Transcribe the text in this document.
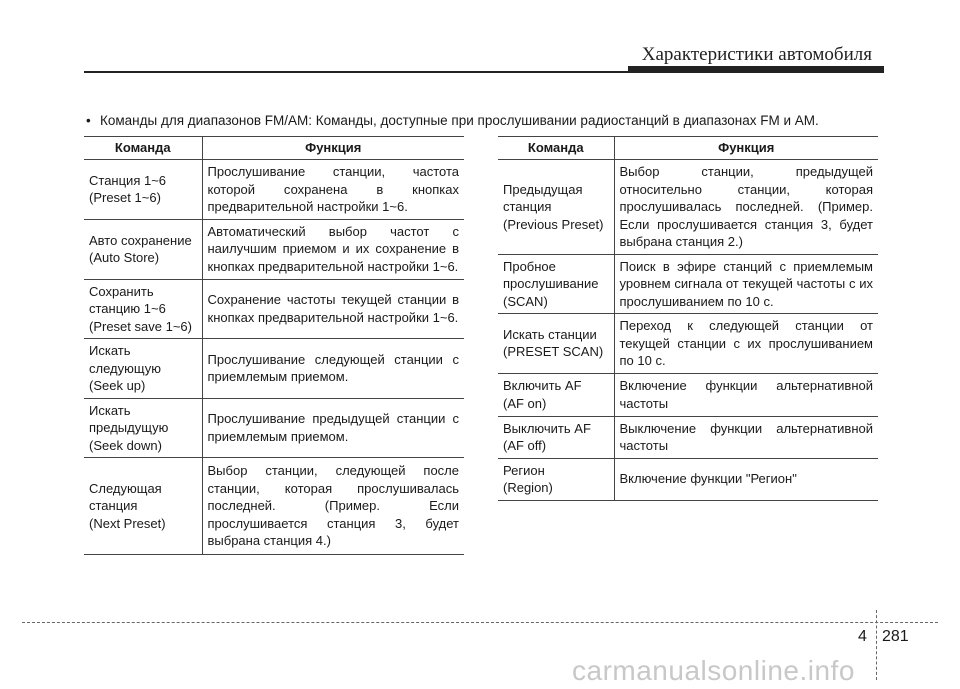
Характеристики автомобиля
• Команды для диапазонов FM/AM: Команды, доступные при прослушивании радиостанций в диапазонах FM и AM.
Команда	Функция
Станция 1~6
(Preset 1~6)	Прослушивание станции, частота которой сохранена в кнопках предварительной настройки 1~6.
Авто сохранение
(Auto Store)	Автоматический выбор частот с наилучшим приемом и их сохранение в кнопках предварительной настройки 1~6.
Сохранить
станцию 1~6
(Preset save 1~6)	Сохранение частоты текущей станции в кнопках предварительной настройки 1~6.
Искать
следующую
(Seek up)	Прослушивание следующей станции с приемлемым приемом.
Искать
предыдущую
(Seek down)	Прослушивание предыдущей станции с приемлемым приемом.
Следующая
станция
(Next Preset)	Выбор станции, следующей после станции, которая прослушивалась последней. (Пример. Если прослушивается станция 3, будет выбрана станция 4.)
Команда	Функция
Предыдущая
станция
(Previous Preset)	Выбор станции, предыдущей относительно станции, которая прослушивалась последней. (Пример. Если прослушивается станция 3, будет выбрана станция 2.)
Пробное
прослушивание
(SCAN)	Поиск в эфире станций с приемлемым уровнем сигнала от текущей частоты с их прослушиванием по 10 с.
Искать станции
(PRESET SCAN)	Переход к следующей станции от текущей станции с их прослушиванием по 10 с.
Включить AF
(AF on)	Включение функции альтернативной частоты
Выключить AF
(AF off)	Выключение функции альтернативной частоты
Регион
(Region)	Включение функции "Регион"
4 281
carmanualsonline.info
